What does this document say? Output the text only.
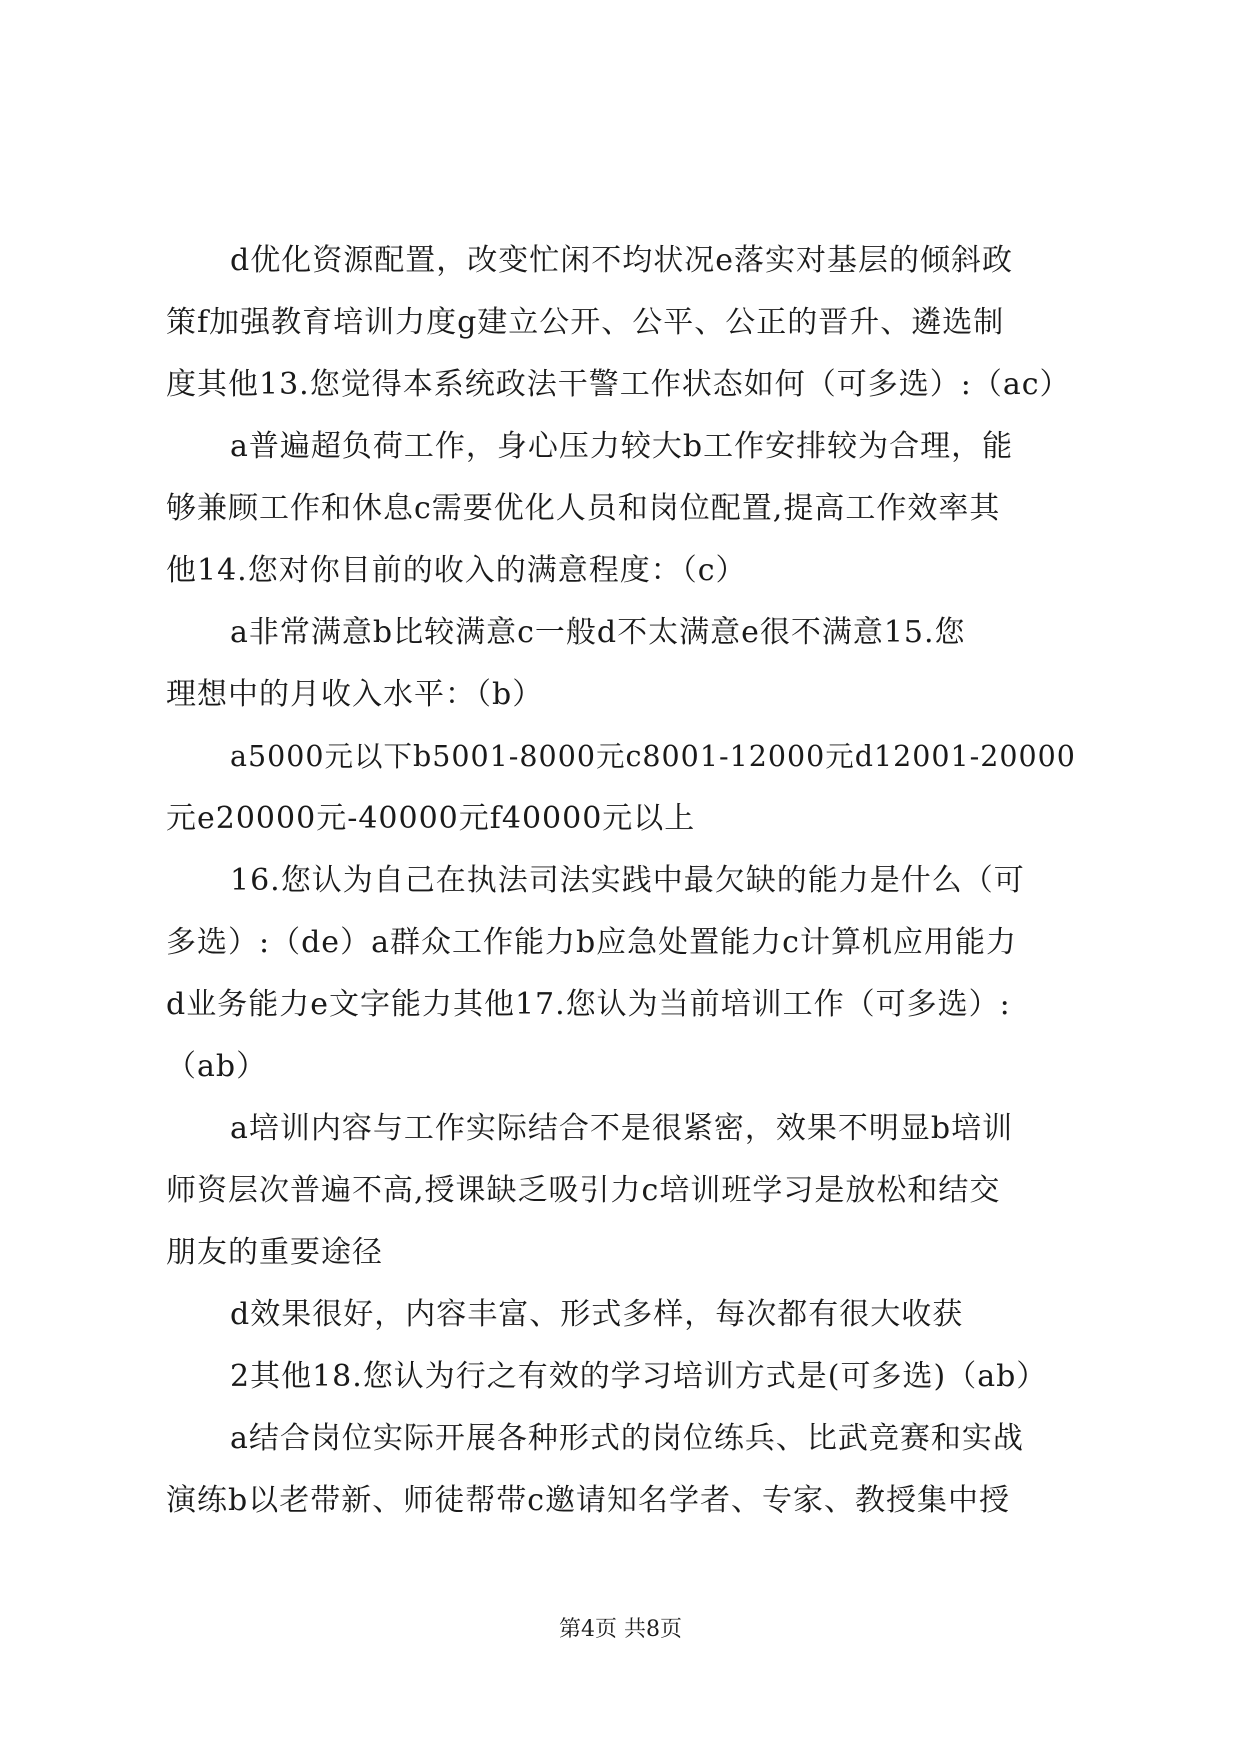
d优化资源配置，改变忙闲不均状况e落实对基层的倾斜政
策f加强教育培训力度g建立公开、公平、公正的晋升、遴选制
度其他13.您觉得本系统政法干警工作状态如何（可多选）:（ac）
a普遍超负荷工作，身心压力较大b工作安排较为合理，能
够兼顾工作和休息c需要优化人员和岗位配置,提高工作效率其
他14.您对你目前的收入的满意程度：（c）
a非常满意b比较满意c一般d不太满意e很不满意15.您
理想中的月收入水平：（b）
a5000元以下b5001-8000元c8001-12000元d12001-20000
元e20000元-40000元f40000元以上
16.您认为自己在执法司法实践中最欠缺的能力是什么（可
多选）:（de）a群众工作能力b应急处置能力c计算机应用能力
d业务能力e文字能力其他17.您认为当前培训工作（可多选）:
（ab）
a培训内容与工作实际结合不是很紧密，效果不明显b培训
师资层次普遍不高,授课缺乏吸引力c培训班学习是放松和结交
朋友的重要途径
d效果很好，内容丰富、形式多样，每次都有很大收获
2其他18.您认为行之有效的学习培训方式是(可多选)（ab）
a结合岗位实际开展各种形式的岗位练兵、比武竞赛和实战
演练b以老带新、师徒帮带c邀请知名学者、专家、教授集中授
第4页 共8页
